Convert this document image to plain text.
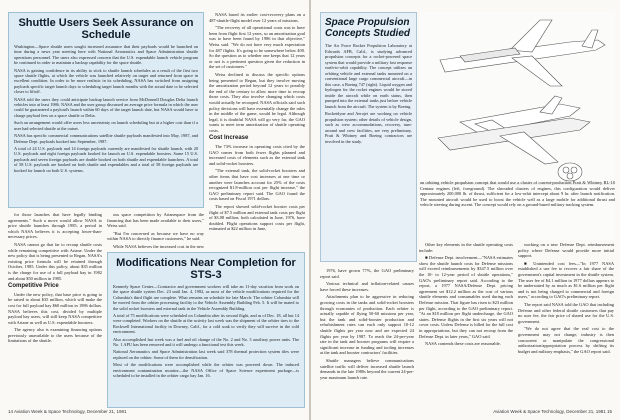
Shuttle Users Seek Assurance on Schedule

Washington—Space shuttle users sought increased assurance that their payloads would be launched on time during a news year meeting here with National Aeronautics and Space Administration shuttle operations personnel. The users also expressed concern that the U.S. expendable launch vehicle program be continued in order to maintain a backup capability for the space shuttle.

NASA is gaining confidence in its ability to stick to shuttle launch schedules as a result of the first two space shuttle flights, at which the vehicle was launched relatively on target and returned from space in excellent condition. In order to be more realistic in its scheduling, NASA has switched from assigning payloads specific target launch days to scheduling target launch months with the actual date to be selected closer to liftoff.

NASA told the users they could anticipate backup launch service from McDonnell Douglas Delta launch vehicles into at least 1986. NASA and the user group discussed an average price formula in which the user could be guaranteed a payload's launch within 60 days of the target launch date, but NASA would have to charge payload fees on a space shuttle or Delta.

Such an arrangement would offer users less uncertainty on launch scheduling but at a higher cost than if a user had selected shuttle at the outset.

NASA has specific commercial communications satellite shuttle payloads manifested into May, 1987, and Defense Dept. payloads booked into September, 1987.

A total of 24 U.S. payloads and 14 foreign payloads currently are manifested for shuttle launch, with 20 U.S. payloads and eight foreign payloads booked for launch on U.S. expendable boosters. Some 15 U.S. payloads and seven foreign payloads are double booked on both shuttle and expendable launchers. A total of 58 U.S. payloads are booked on both shuttle and expendables and a total of 58 foreign payloads are booked for launch on both U.S. systems.

for those launches that have legally binding agreements." Such a move would allow NASA to price shuttle launches through 1985, a period in which NASA believes it is accepting lower-than-necessary prices.

NASA cannot go that far to recoup shuttle costs while remaining competitive with Ariane. Under the new policy that is being presented to Regan, NASA's existing price formula will be retained through October, 1985. Under this policy, about $35 million is the charge for use of a full payload bay in 1982 and about $50 million in 1985.

Competitive Price

Under the new policy, that base price is going to be raised to about $35 million, which will make the cost for full payload bay $60 million in 1986 dollars. NASA believes this cost, divided by multiple payload bay users, will still keep NASA competitive with Ariane as well as U.S. expendable boosters.

The agency also is examining financing options previously unavailable to the users because of the limitations of the shuttle.

ous space competition by Arianespace from the financing that has been made available to their users," Weiss said.

"But I'm concerned as because we have no way within NASA to directly finance customers," he said.

While NASA believes the increased cost in the new

Modifications Near Completion for STS-3

Kennedy Space Center—Contractor and government workers will take an 11-day vacation from work on the space shuttle system Dec. 23 until Jan. 4, 1982, as most of the vehicle modifications required for the Columbia's third flight are complete. What remains on schedule for late March: The orbiter Columbia will be moved from the orbiter processing facility to the Vehicle Assembly Building Feb. 5. It will be mated to the solid rocket boosters and external tank in the Vehicle Assembly Building.

A total of 75 modifications were scheduled on Columbia after its second flight, and as of Dec. 18, all but 14 were completed. Workers on the shuttle at the activity last week was the shipment of the orbiter tires to the Rockwell International facility in Downey, Calif., for a cold soak to verify they will survive in the cold environment.

Also accomplished last week was a fuel and oil change of the No. 2 and No. 3 auxiliary power units. The No. 1 APU has been removed and it will undergo a functional test this week.

National Aeronautics and Space Administration last week said 378 thermal protection system tiles were replaced on the orbiter. Some of them for densification.

Most of the modifications were accomplished while the orbiter was powered down. The induced environment contamination monitor—the NASA Office of Space Science experiment package—is scheduled to be installed in the orbiter cargo bay Jan. 16.

NASA based its earlier cost-recovery plans on a 487-shuttle-flight model over 12 years of missions.

"The recovery of all operational costs was to have been from flight first 12 years, so an amortization goal was to have been found by 1986 in that objective," Weiss said. "We do not have very much expectation for 487 flights. It's going to be somewhere below 400. So the question as to whether one keeps that 12 years or not is a pertinent question given the reduction in the set of customers."

Weiss declined to discuss the specific options being presented to Regan, but they involve moving the amortization period beyond 12 years to possibly the end of the century to allow more time to recoup those costs. They also involve changing which costs would actually be recouped. NASA officials said such policy decisions will have essentially change the rules in the middle of the game, would be legal. Although legal, it is doubtful NASA will go very far, the GAO wants to meet term amortization of shuttle operating costs.

Cost Increase

The 73% increase in operating costs cited by the GAO comes from both fewer flights planned and increased costs of elements such as the external tank and solid-rocket boosters.

"The external tank, the solid-rocket boosters and other items that have cost increases at one time or another were launches account for 25% of the costs recognized $1.8-million cost per flight increase," the GAO preliminary report said. The GAO found the costs based on Fiscal 1971 dollars.

The report showed solid-rocket booster costs per flight of $7.5 million and external tank costs per flight of $3.08 million, both calculated in June, 1976, have doubled. Flight operations support costs per flight, estimated at $22 million in June,

14 Aviation Week & Space Technology, December 21, 1981
Space Propulsion Concepts Studied

The Air Force Rocket Propulsion Laboratory at Edwards AFB, Calif., is studying advanced propulsion concepts for a rocket-powered space system that would provide a military fast response earth-to-orbit capability. The concept utilizes an orbiting vehicle and external tanks mounted on a conventional large cargo commercial aircraft—in this case, a Boeing 747 (right). Liquid oxygen and hydrogen for the rocket engines would be stored inside the aircraft while on earth status, then pumped into the external tanks just before vehicle launch from the aircraft. The system is by Boeing.

Rocketdyne and Aerojet are working on vehicle propulsion system; other details of vehicle design, such as crew accommodations, recovery, turn-around and crew facilities, are very preliminary. Pratt & Whitney and Boeing contractors are involved in the study.

an orbiting vehicle propulsion concept that would use a cluster of current-production Pratt & Whitney RL-10 Centaur engines (left, foreground). The shrouded clusters of engines, this configuration would deliver approximately 200,000 lb. of thrust, sufficient for a low-orbit intercept about 9 hr. after launch notification. The mounted aircraft would be used to boost the vehicle well as a large mobile for additional thrust and vehicle steering during ascent. The concept would rely on a ground-based military tracking system.

1976, have grown 77%, the GAO preliminary report said.

Various technical and inflation-related causes have forced these increases.

Attachments plan to be aggressive in reducing growing costs in the tanks and solid-rocket boosters through economies of production. Each orbiter is actually capable of flying 50-60 missions per year, but the tank and solid-booster production and refurbishment rates can each only support 10-12 shuttle flights per year now and are expected 24 flights per year by 1987. To reach the 24-per-year rate in the tank and booster programs will require a significant increase in funding and tooling increases at the tank and booster contractors' facilities.

Shuttle managers believe communications satellite traffic will deliver increased shuttle launch demands in the late 1980s beyond the current 24-per-year maximum launch rate.

Other key elements in the shuttle operating costs include:

■ Defense Dept. involvement—"NASA estimates show the shuttle launch costs for Defense missions will exceed reimbursements by $347.5 million over the 10- to 12-year period of shuttle operations," GAO's preliminary report said. According to the report, a 1977 NASA/Defense Dept. pricing agreement set $12.2 million as the cost of various shuttle elements and consumables used during each Defense mission. That figure has risen to $23 million per flight, according to the GAO preliminary report. "At an $18 million per flight undercharge, the GAO states. Defense flights in the first six years will not cover costs. Unless Defense is billed for the full cost in appropriations, but they can not recoup from the Defense Dept. in later years," GAO said.

NASA contends these costs are reasonable.

working on a new Defense Dept. reimbursement policy where Defense would provide more initial support.

■ Unintended cost fees—"In 1977 NASA established a use fee to recover a fair share of the government's capital investment in the shuttle system. The user fee of $4.1 million in 1977 dollars appears to be understated by as much as $1.6 million per flight and is not being charged to commercial and foreign users," according to GAO's preliminary report.

The report said NASA told the GAO that including Defense and other federal shuttle customers that pay no user fee, the fair price of shared use for the U.S. government.

"We do not agree that the real cost to the government may not change, industry is then concurrent or manipulate the congressional authorization/appropriation process by shifting its budget and military emphasis," the GAO report said.

Aviation Week & Space Technology, December 21, 1981 15
